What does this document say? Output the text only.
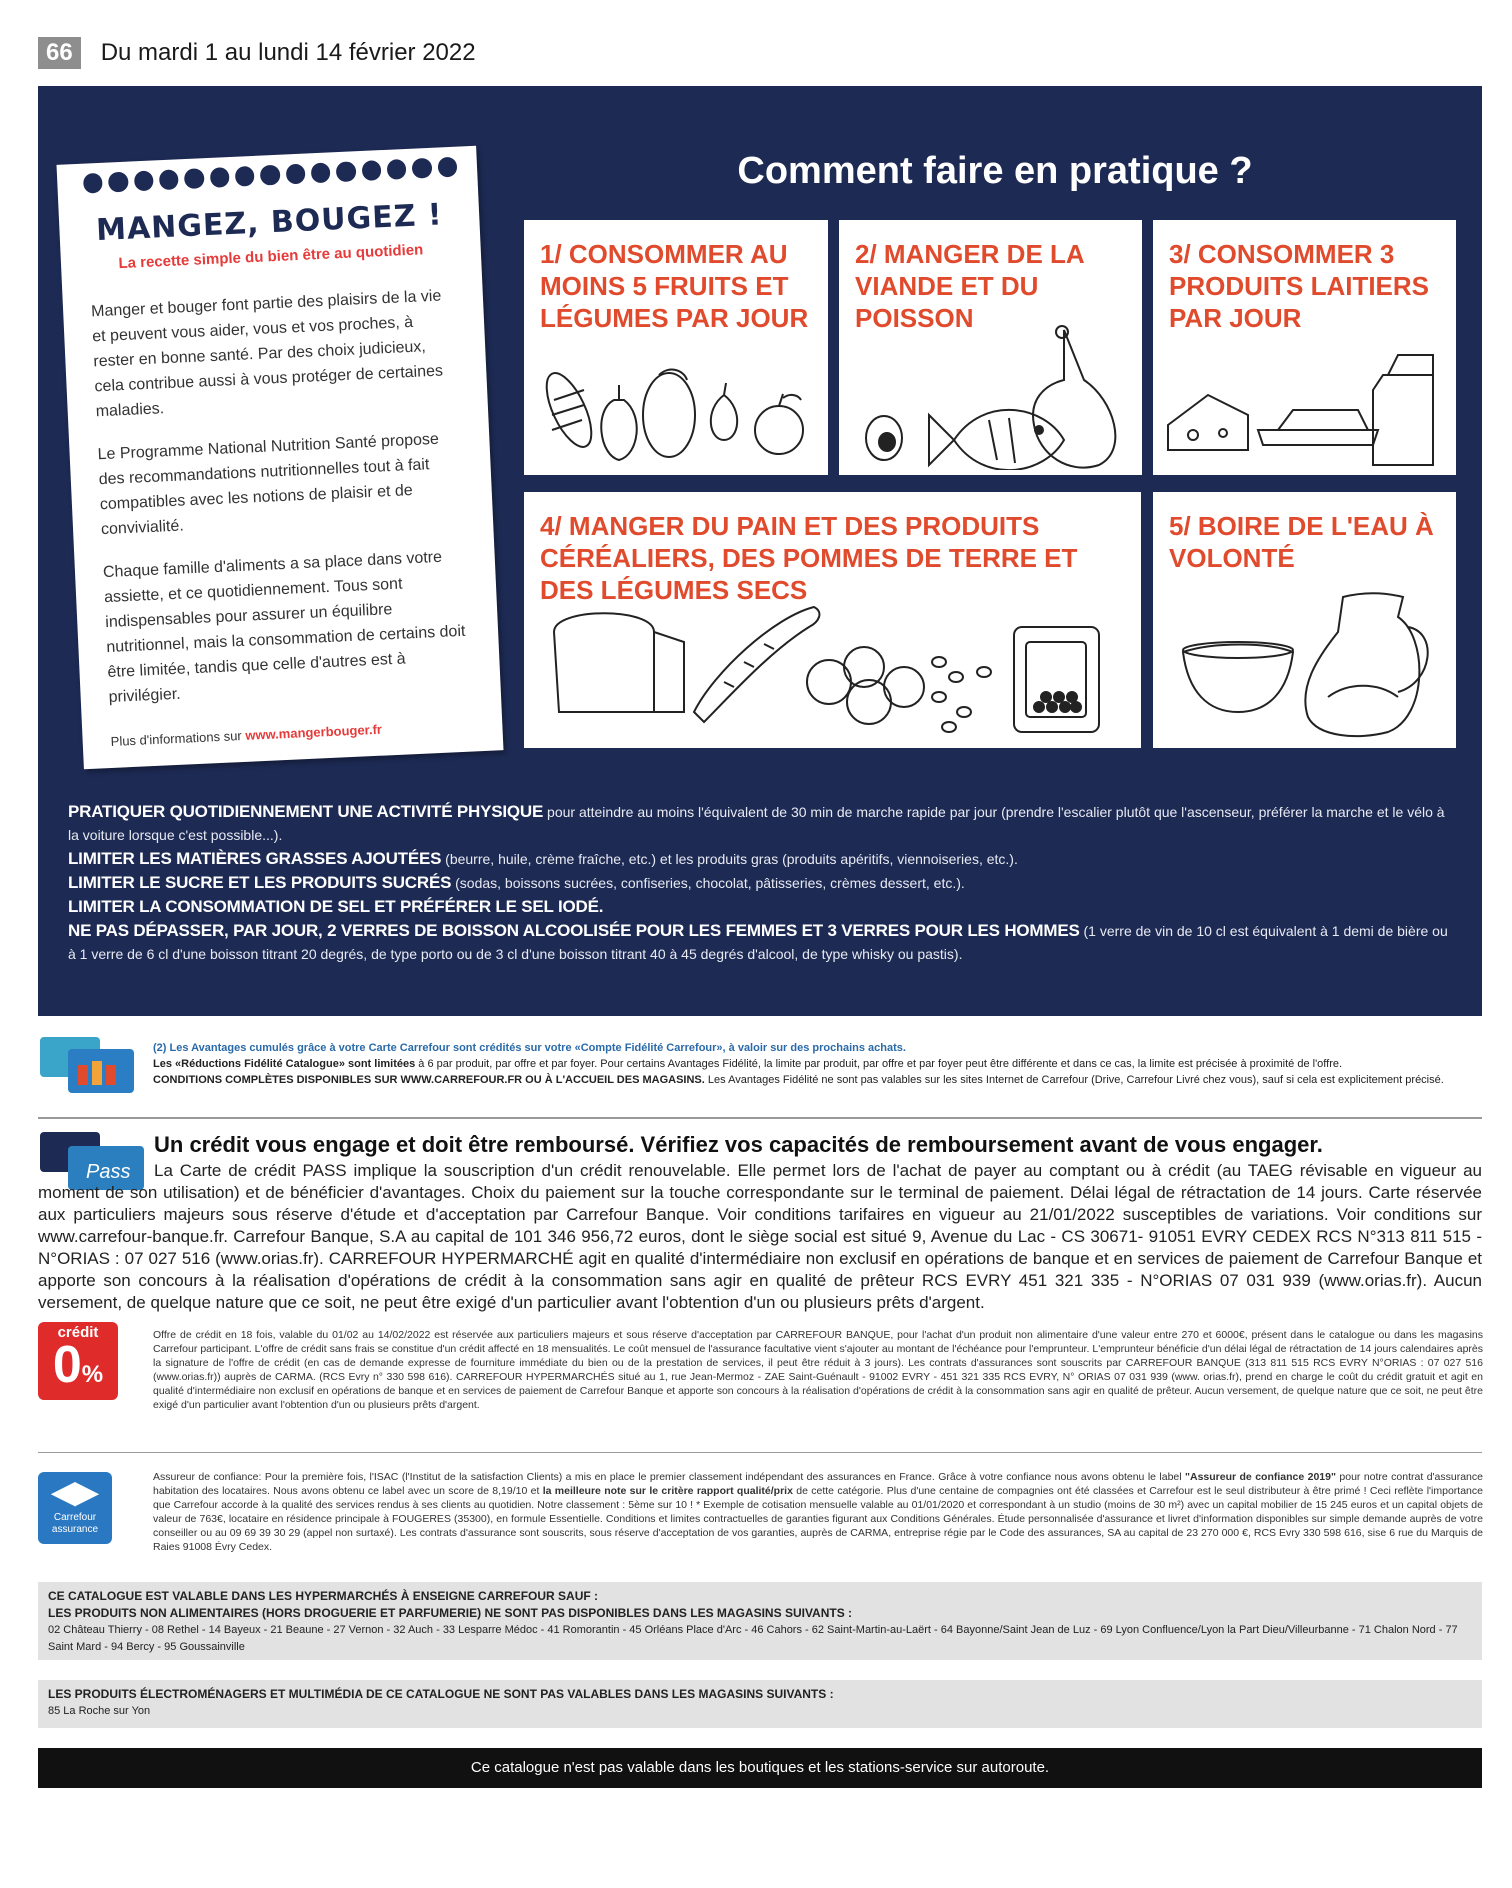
66	Du mardi 1 au lundi 14 février 2022
MANGEZ, BOUGEZ !
La recette simple du bien être au quotidien

Manger et bouger font partie des plaisirs de la vie et peuvent vous aider, vous et vos proches, à rester en bonne santé. Par des choix judicieux, cela contribue aussi à vous protéger de certaines maladies.

Le Programme National Nutrition Santé propose des recommandations nutritionnelles tout à fait compatibles avec les notions de plaisir et de convivialité.

Chaque famille d'aliments a sa place dans votre assiette, et ce quotidiennement. Tous sont indispensables pour assurer un équilibre nutritionnel, mais la consommation de certains doit être limitée, tandis que celle d'autres est à privilégier.

Plus d'informations sur www.mangerbouger.fr
Comment faire en pratique ?
1/ CONSOMMER AU MOINS 5 FRUITS ET LÉGUMES PAR JOUR
2/ MANGER DE LA VIANDE ET DU POISSON
3/ CONSOMMER 3 PRODUITS LAITIERS PAR JOUR
4/ MANGER DU PAIN ET DES PRODUITS CÉRÉALIERS, DES POMMES DE TERRE ET DES LÉGUMES SECS
5/ BOIRE DE L'EAU À VOLONTÉ

PRATIQUER QUOTIDIENNEMENT UNE ACTIVITÉ PHYSIQUE pour atteindre au moins l'équivalent de 30 min de marche rapide par jour (prendre l'escalier plutôt que l'ascenseur, préférer la marche et le vélo à la voiture lorsque c'est possible...).

LIMITER LES MATIÈRES GRASSES AJOUTÉES (beurre, huile, crème fraîche, etc.) et les produits gras (produits apéritifs, viennoiseries, etc.).

LIMITER LE SUCRE ET LES PRODUITS SUCRÉS (sodas, boissons sucrées, confiseries, chocolat, pâtisseries, crèmes dessert, etc.).

LIMITER LA CONSOMMATION DE SEL ET PRÉFÉRER LE SEL IODÉ.

NE PAS DÉPASSER, PAR JOUR, 2 VERRES DE BOISSON ALCOOLISÉE POUR LES FEMMES ET 3 VERRES POUR LES HOMMES (1 verre de vin de 10 cl est équivalent à 1 demi de bière ou à 1 verre de 6 cl d'une boisson titrant 20 degrés, de type porto ou de 3 cl d'une boisson titrant 40 à 45 degrés d'alcool, de type whisky ou pastis).

(2) Les Avantages cumulés grâce à votre Carte Carrefour sont crédités sur votre «Compte Fidélité Carrefour», à valoir sur des prochains achats.
Les «Réductions Fidélité Catalogue» sont limitées à 6 par produit, par offre et par foyer. Pour certains Avantages Fidélité, la limite par produit, par offre et par foyer peut être différente et dans ce cas, la limite est précisée à proximité de l'offre.
CONDITIONS COMPLÈTES DISPONIBLES SUR WWW.CARREFOUR.FR OU À L'ACCUEIL DES MAGASINS. Les Avantages Fidélité ne sont pas valables sur les sites Internet de Carrefour (Drive, Carrefour Livré chez vous), sauf si cela est explicitement précisé.
Pass
Un crédit vous engage et doit être remboursé. Vérifiez vos capacités de remboursement avant de vous engager.
La Carte de crédit PASS implique la souscription d'un crédit renouvelable. Elle permet lors de l'achat de payer au comptant ou à crédit (au TAEG révisable en vigueur au moment de son utilisation) et de bénéficier d'avantages. Choix du paiement sur la touche correspondante sur le terminal de paiement. Délai légal de rétractation de 14 jours. Carte réservée aux particuliers majeurs sous réserve d'étude et d'acceptation par Carrefour Banque. Voir conditions tarifaires en vigueur au 21/01/2022 susceptibles de variations. Voir conditions sur www.carrefour-banque.fr. Carrefour Banque, S.A au capital de 101 346 956,72 euros, dont le siège social est situé 9, Avenue du Lac - CS 30671- 91051 EVRY CEDEX RCS N°313 811 515 - N°ORIAS : 07 027 516 (www.orias.fr). CARREFOUR HYPERMARCHÉ agit en qualité d'intermédiaire non exclusif en opérations de banque et en services de paiement de Carrefour Banque et apporte son concours à la réalisation d'opérations de crédit à la consommation sans agir en qualité de prêteur RCS EVRY 451 321 335 - N°ORIAS 07 031 939 (www.orias.fr). Aucun versement, de quelque nature que ce soit, ne peut être exigé d'un particulier avant l'obtention d'un ou plusieurs prêts d'argent.
crédit
0%
Offre de crédit en 18 fois, valable du 01/02 au 14/02/2022 est réservée aux particuliers majeurs et sous réserve d'acceptation par CARREFOUR BANQUE, pour l'achat d'un produit non alimentaire d'une valeur entre 270 et 6000€, présent dans le catalogue ou dans les magasins Carrefour participant. L'offre de crédit sans frais se constitue d'un crédit affecté en 18 mensualités. Le coût mensuel de l'assurance facultative vient s'ajouter au montant de l'échéance pour l'emprunteur. L'emprunteur bénéficie d'un délai légal de rétractation de 14 jours calendaires après la signature de l'offre de crédit (en cas de demande expresse de fourniture immédiate du bien ou de la prestation de services, il peut être réduit à 3 jours). Les contrats d'assurances sont souscrits par CARREFOUR BANQUE (313 811 515 RCS EVRY N°ORIAS : 07 027 516 (www.orias.fr)) auprès de CARMA. (RCS Evry n° 330 598 616). CARREFOUR HYPERMARCHÉS situé au 1, rue Jean-Mermoz - ZAE Saint-Guénault - 91002 EVRY - 451 321 335 RCS EVRY, N° ORIAS 07 031 939 (www. orias.fr), prend en charge le coût du crédit gratuit et agit en qualité d'intermédiaire non exclusif en opérations de banque et en services de paiement de Carrefour Banque et apporte son concours à la réalisation d'opérations de crédit à la consommation sans agir en qualité de prêteur. Aucun versement, de quelque nature que ce soit, ne peut être exigé d'un particulier avant l'obtention d'un ou plusieurs prêts d'argent.
◀▶
Carrefour assurance
Assureur de confiance: Pour la première fois, l'ISAC (l'Institut de la satisfaction Clients) a mis en place le premier classement indépendant des assurances en France. Grâce à votre confiance nous avons obtenu le label "Assureur de confiance 2019" pour notre contrat d'assurance habitation des locataires. Nous avons obtenu ce label avec un score de 8,19/10 et la meilleure note sur le critère rapport qualité/prix de cette catégorie. Plus d'une centaine de compagnies ont été classées et Carrefour est le seul distributeur à être primé ! Ceci reflète l'importance que Carrefour accorde à la qualité des services rendus à ses clients au quotidien. Notre classement : 5ème sur 10 ! * Exemple de cotisation mensuelle valable au 01/01/2020 et correspondant à un studio (moins de 30 m²) avec un capital mobilier de 15 245 euros et un capital objets de valeur de 763€, locataire en résidence principale à FOUGERES (35300), en formule Essentielle. Conditions et limites contractuelles de garanties figurant aux Conditions Générales. Étude personnalisée d'assurance et livret d'information disponibles sur simple demande auprès de votre conseiller ou au 09 69 39 30 29 (appel non surtaxé). Les contrats d'assurance sont souscrits, sous réserve d'acceptation de vos garanties, auprès de CARMA, entreprise régie par le Code des assurances, SA au capital de 23 270 000 €, RCS Evry 330 598 616, sise 6 rue du Marquis de Raies 91008 Évry Cedex.
CE CATALOGUE EST VALABLE DANS LES HYPERMARCHÉS À ENSEIGNE CARREFOUR SAUF :
LES PRODUITS NON ALIMENTAIRES (HORS DROGUERIE ET PARFUMERIE) NE SONT PAS DISPONIBLES DANS LES MAGASINS SUIVANTS :
02 Château Thierry - 08 Rethel - 14 Bayeux - 21 Beaune - 27 Vernon - 32 Auch - 33 Lesparre Médoc - 41 Romorantin - 45 Orléans Place d'Arc - 46 Cahors - 62 Saint-Martin-au-Laërt - 64 Bayonne/Saint Jean de Luz - 69 Lyon Confluence/Lyon la Part Dieu/Villeurbanne - 71 Chalon Nord - 77 Saint Mard - 94 Bercy - 95 Goussainville
LES PRODUITS ÉLECTROMÉNAGERS ET MULTIMÉDIA DE CE CATALOGUE NE SONT PAS VALABLES DANS LES MAGASINS SUIVANTS :
85 La Roche sur Yon
Ce catalogue n'est pas valable dans les boutiques et les stations-service sur autoroute.
